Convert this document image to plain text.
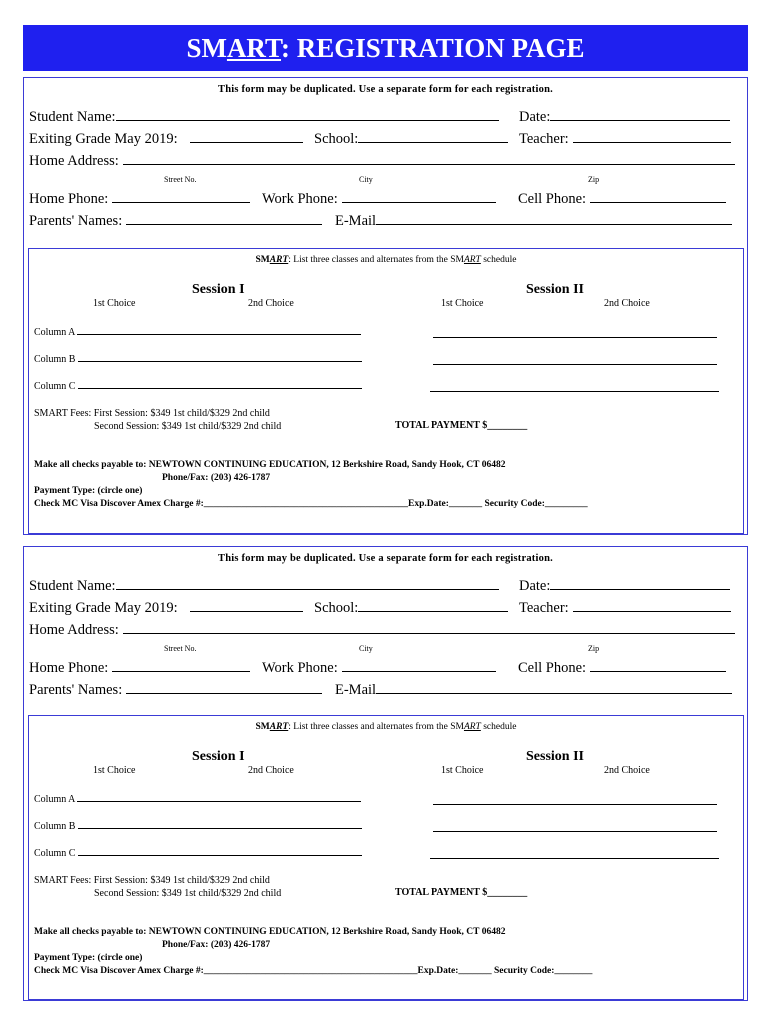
SMART: REGISTRATION PAGE
This form may be duplicated. Use a separate form for each registration.
Student Name:	Date:
Exiting Grade May 2019:	School:	Teacher:
Home Address:
Street No.	City	Zip
Home Phone:	Work Phone:	Cell Phone:
Parents' Names:	E-Mail
SMART: List three classes and alternates from the SMART schedule
Session I	Session II
1st Choice	2nd Choice	1st Choice	2nd Choice
Column A
Column B
Column C
SMART Fees: First Session: $349 1st child/$329 2nd child
Second Session: $349 1st child/$329 2nd child	TOTAL PAYMENT $________
Make all checks payable to: NEWTOWN CONTINUING EDUCATION, 12 Berkshire Road, Sandy Hook, CT 06482
Phone/Fax: (203) 426-1787
Payment Type: (circle one)
Check MC Visa Discover Amex Charge #:___________________________________________Exp.Date:_______ Security Code:_________
This form may be duplicated. Use a separate form for each registration.
Student Name:	Date:
Exiting Grade May 2019:	School:	Teacher:
Home Address:
Street No.	City	Zip
Home Phone:	Work Phone:	Cell Phone:
Parents' Names:	E-Mail
SMART: List three classes and alternates from the SMART schedule
Session I	Session II
1st Choice	2nd Choice	1st Choice	2nd Choice
Column A
Column B
Column C
SMART Fees: First Session: $349 1st child/$329 2nd child
Second Session: $349 1st child/$329 2nd child	TOTAL PAYMENT $________
Make all checks payable to: NEWTOWN CONTINUING EDUCATION, 12 Berkshire Road, Sandy Hook, CT 06482
Phone/Fax: (203) 426-1787
Payment Type: (circle one)
Check MC Visa Discover Amex Charge #:_____________________________________________Exp.Date:_______ Security Code:________
